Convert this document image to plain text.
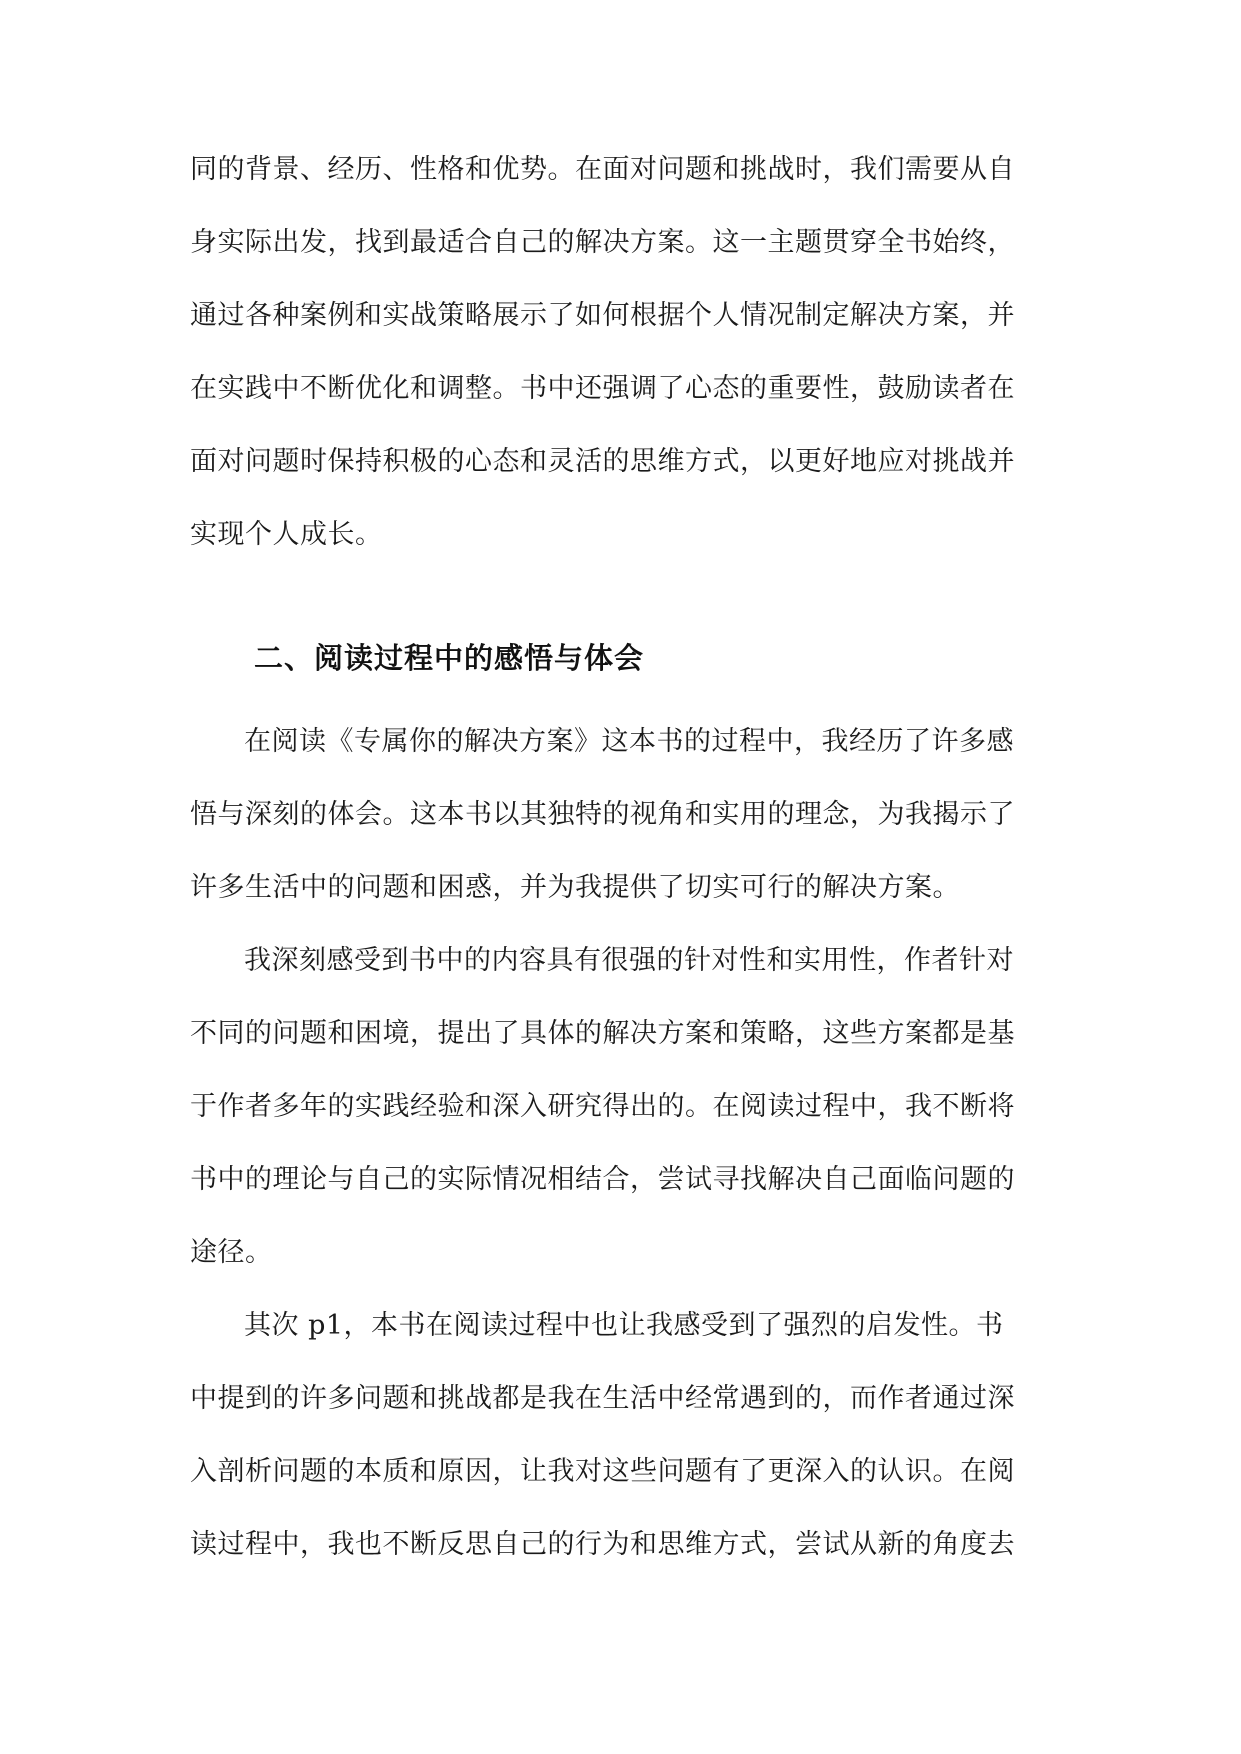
同的背景、经历、性格和优势。在面对问题和挑战时，我们需要从自
身实际出发，找到最适合自己的解决方案。这一主题贯穿全书始终，
通过各种案例和实战策略展示了如何根据个人情况制定解决方案，并
在实践中不断优化和调整。书中还强调了心态的重要性，鼓励读者在
面对问题时保持积极的心态和灵活的思维方式，以更好地应对挑战并
实现个人成长。
二、阅读过程中的感悟与体会
在阅读《专属你的解决方案》这本书的过程中，我经历了许多感
悟与深刻的体会。这本书以其独特的视角和实用的理念，为我揭示了
许多生活中的问题和困惑，并为我提供了切实可行的解决方案。
我深刻感受到书中的内容具有很强的针对性和实用性，作者针对
不同的问题和困境，提出了具体的解决方案和策略，这些方案都是基
于作者多年的实践经验和深入研究得出的。在阅读过程中，我不断将
书中的理论与自己的实际情况相结合，尝试寻找解决自己面临问题的
途径。
其次 p1，本书在阅读过程中也让我感受到了强烈的启发性。书
中提到的许多问题和挑战都是我在生活中经常遇到的，而作者通过深
入剖析问题的本质和原因，让我对这些问题有了更深入的认识。在阅
读过程中，我也不断反思自己的行为和思维方式，尝试从新的角度去
